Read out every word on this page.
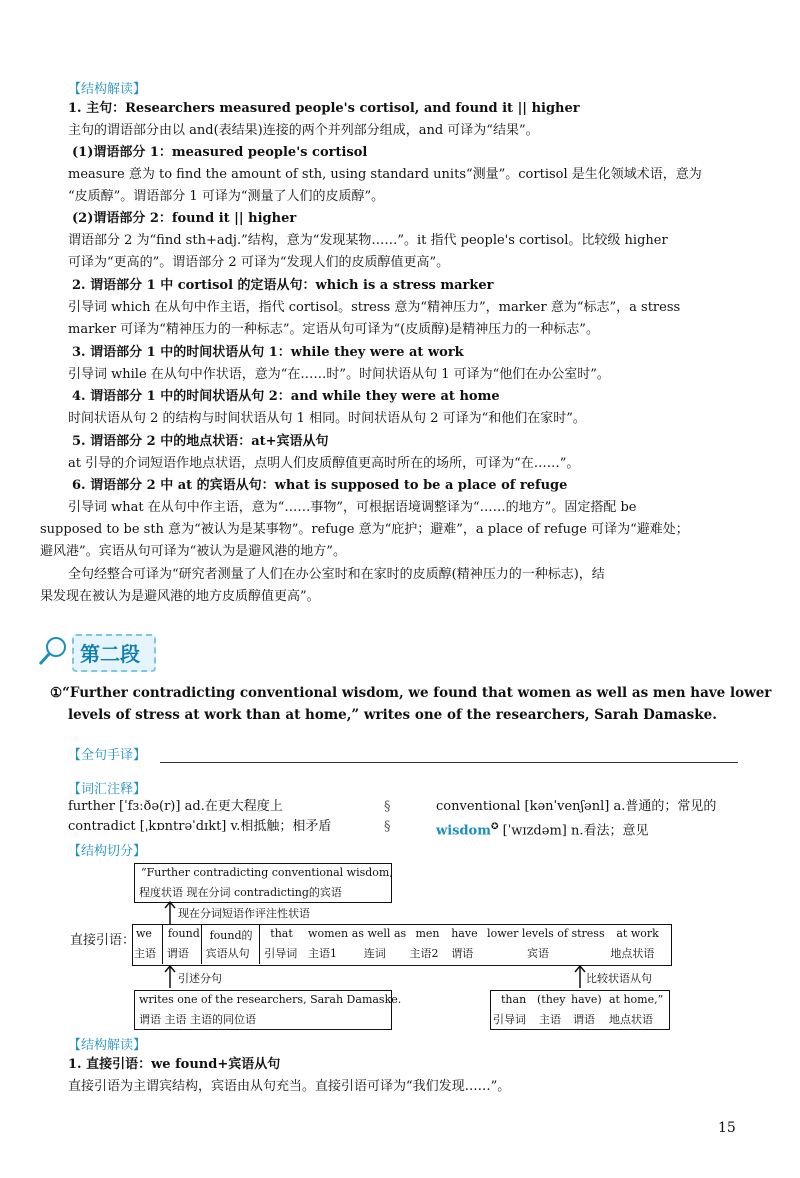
【结构解读】
1. 主句：Researchers measured people's cortisol, and found it || higher
主句的谓语部分由以 and(表结果)连接的两个并列部分组成，and 可译为“结果”。
(1)谓语部分 1：measured people's cortisol
measure 意为 to find the amount of sth, using standard units“测量”。cortisol 是生化领域术语，意为
“皮质醇”。谓语部分 1 可译为“测量了人们的皮质醇”。
(2)谓语部分 2：found it || higher
谓语部分 2 为“find sth+adj.”结构，意为“发现某物……”。it 指代 people's cortisol。比较级 higher
可译为“更高的”。谓语部分 2 可译为“发现人们的皮质醇值更高”。
2. 谓语部分 1 中 cortisol 的定语从句：which is a stress marker
引导词 which 在从句中作主语，指代 cortisol。stress 意为“精神压力”，marker 意为“标志”，a stress
marker 可译为“精神压力的一种标志”。定语从句可译为“(皮质醇)是精神压力的一种标志”。
3. 谓语部分 1 中的时间状语从句 1：while they were at work
引导词 while 在从句中作状语，意为“在……时”。时间状语从句 1 可译为“他们在办公室时”。
4. 谓语部分 1 中的时间状语从句 2：and while they were at home
时间状语从句 2 的结构与时间状语从句 1 相同。时间状语从句 2 可译为“和他们在家时”。
5. 谓语部分 2 中的地点状语：at+宾语从句
at 引导的介词短语作地点状语，点明人们皮质醇值更高时所在的场所，可译为“在……”。
6. 谓语部分 2 中 at 的宾语从句：what is supposed to be a place of refuge
引导词 what 在从句中作主语，意为“……事物”，可根据语境调整译为“……的地方”。固定搭配 be
supposed to be sth 意为“被认为是某事物”。refuge 意为“庇护；避难”，a place of refuge 可译为“避难处；
避风港”。宾语从句可译为“被认为是避风港的地方”。
全句经整合可译为“研究者测量了人们在办公室时和在家时的皮质醇(精神压力的一种标志)，结
果发现在被认为是避风港的地方皮质醇值更高”。
第二段
①“Further contradicting conventional wisdom, we found that women as well as men have lower
levels of stress at work than at home,” writes one of the researchers, Sarah Damaske.
【全句手译】
【词汇注释】
further [ˈfɜːðə(r)] ad.在更大程度上
contradict [ˌkɒntrəˈdɪkt] v.相抵触；相矛盾
§
§
conventional [kənˈvenʃənl] a.普通的；常见的
wisdom✪ [ˈwɪzdəm] n.看法；意见
【结构切分】
“Further contradicting conventional wisdom,
程度状语 现在分词 contradicting的宾语
现在分词短语作评注性状语
直接引语： we
主语
found
谓语
found的
宾语从句
that
引导词
women
主语1
as well as
连词
men
主语2
have
谓语
lower levels of stress
宾语
at work
地点状语
引述分句	比较状语从句
writes one of the researchers, Sarah Damaske.
谓语 主语 主语的同位语
than
引导词
(they
主语
have)
谓语
at home,”
地点状语
【结构解读】
1. 直接引语：we found+宾语从句
直接引语为主谓宾结构，宾语由从句充当。直接引语可译为“我们发现……”。
15
